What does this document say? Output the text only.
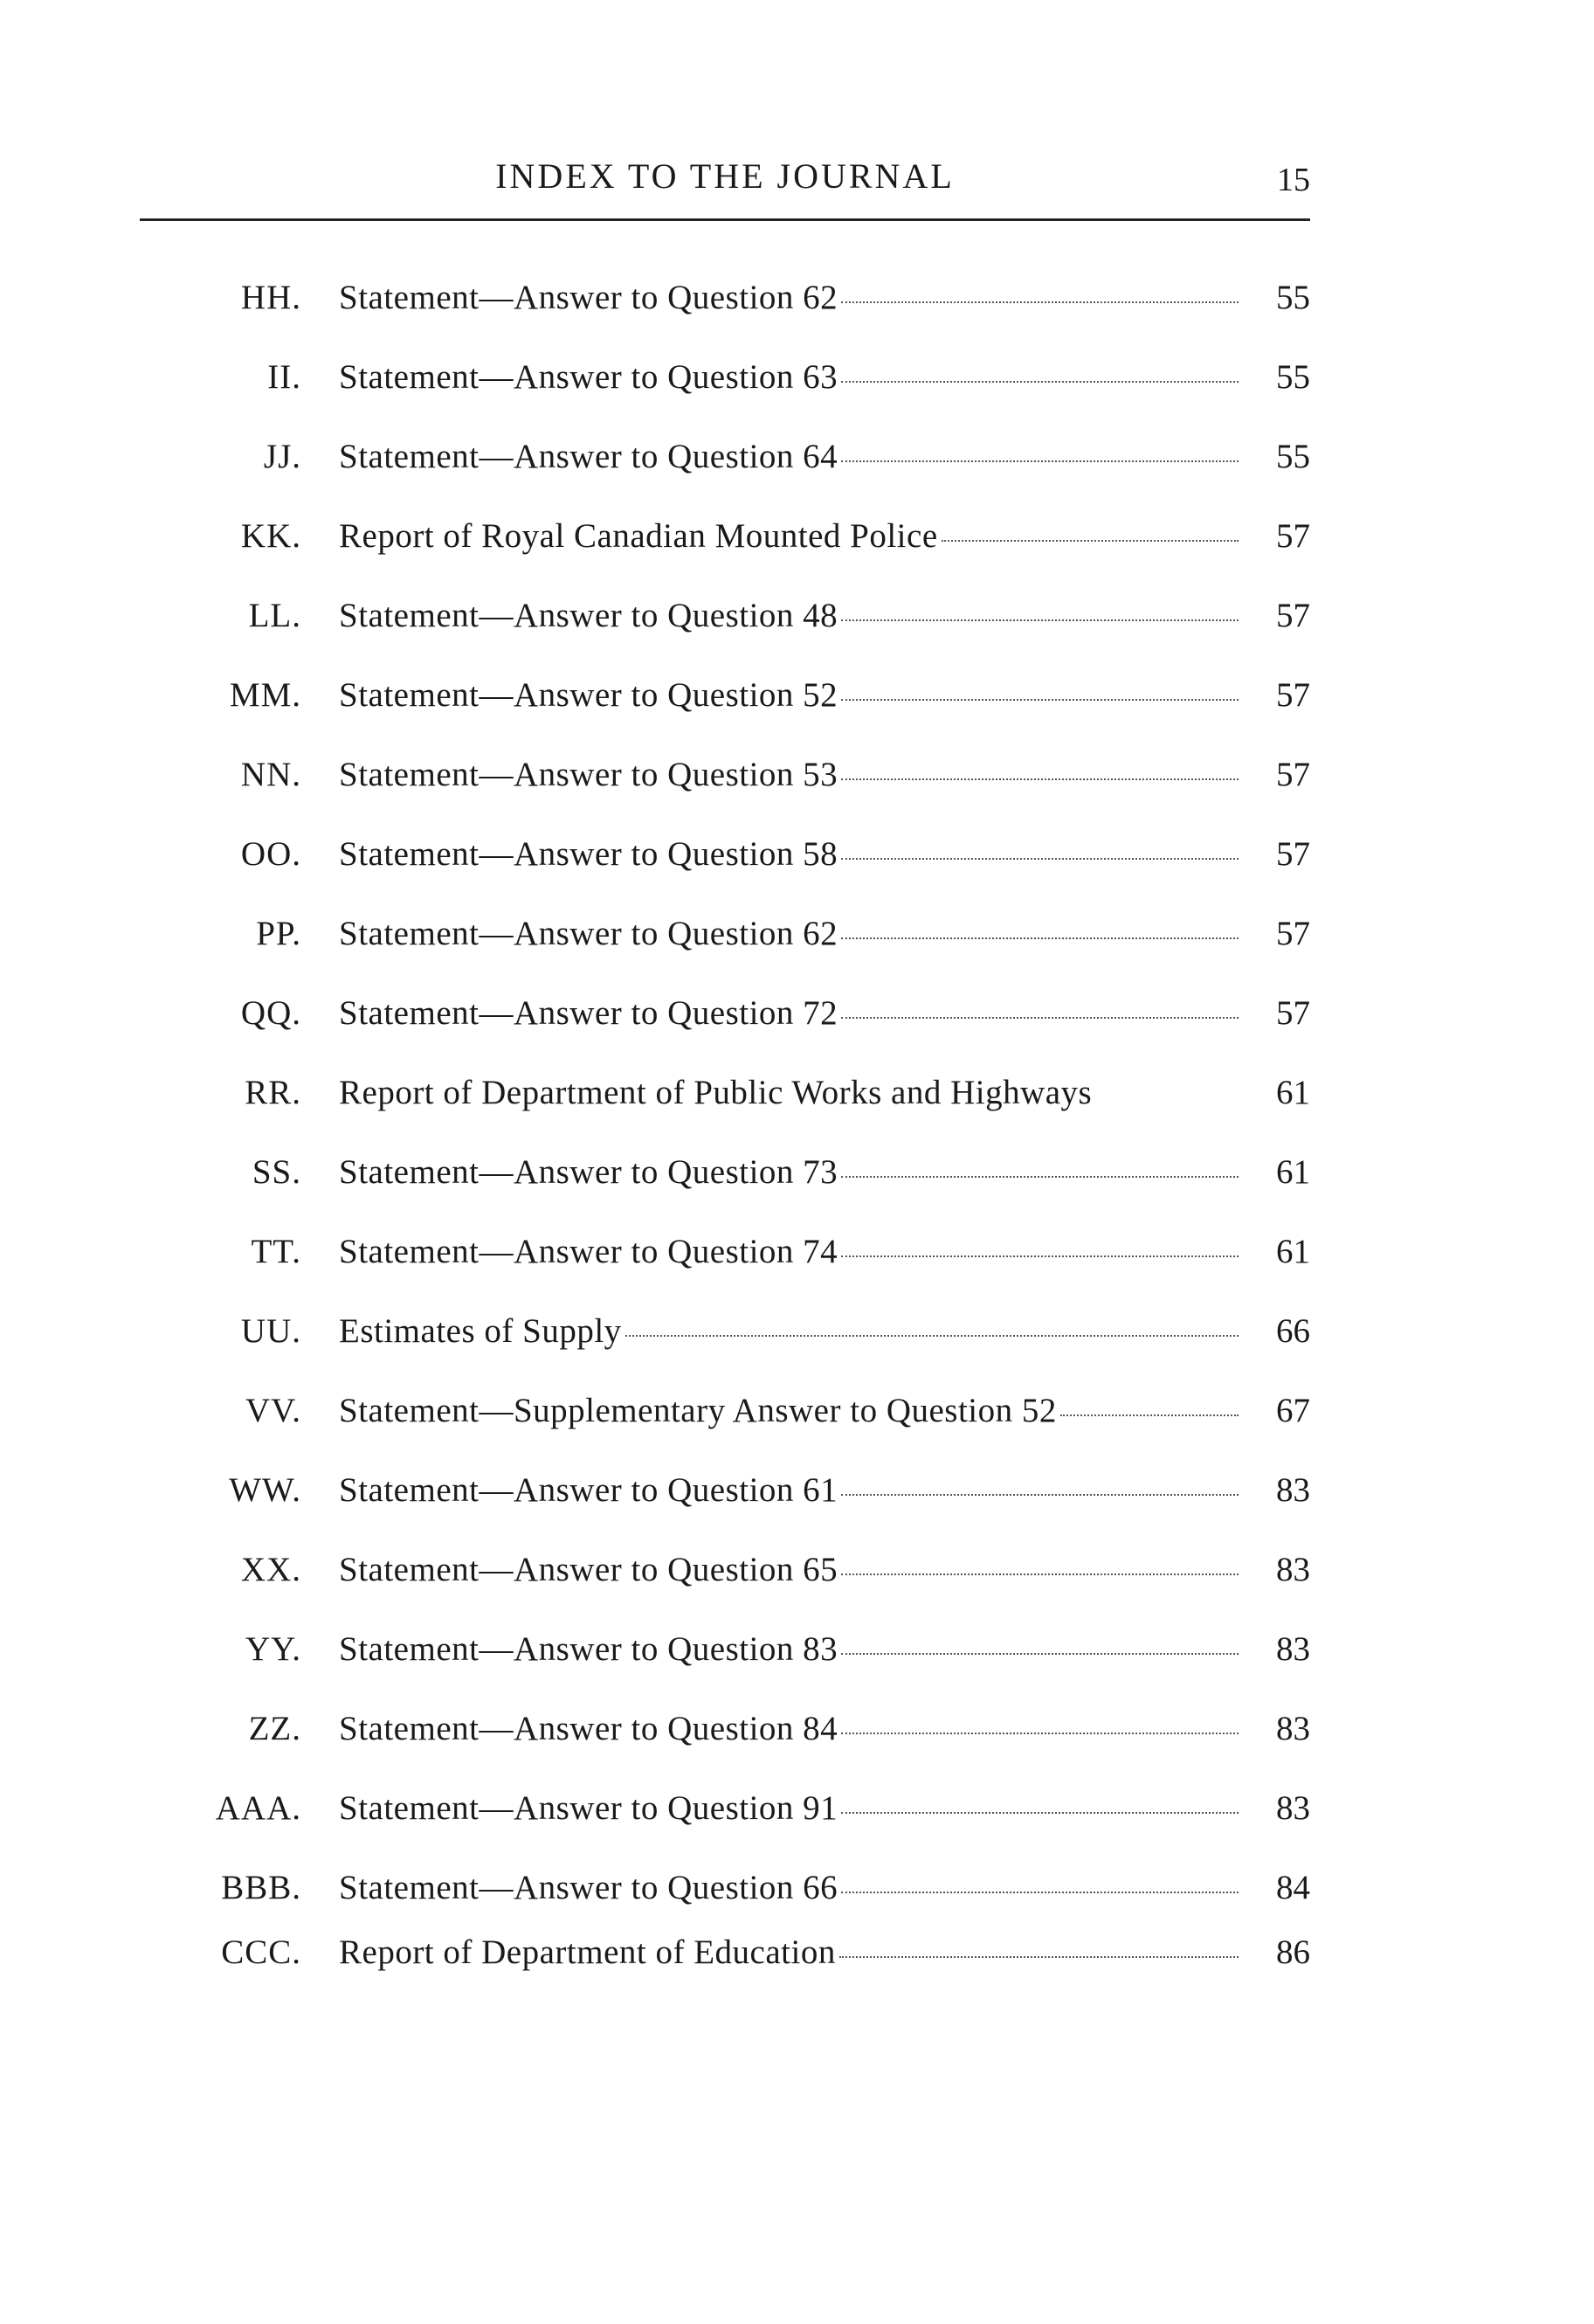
INDEX TO THE JOURNAL	15
HH. Statement—Answer to Question 62	55
II. Statement—Answer to Question 63	55
JJ. Statement—Answer to Question 64	55
KK. Report of Royal Canadian Mounted Police	57
LL. Statement—Answer to Question 48	57
MM. Statement—Answer to Question 52	57
NN. Statement—Answer to Question 53	57
OO. Statement—Answer to Question 58	57
PP. Statement—Answer to Question 62	57
QQ. Statement—Answer to Question 72	57
RR. Report of Department of Public Works and Highways	61
SS. Statement—Answer to Question 73	61
TT. Statement—Answer to Question 74	61
UU. Estimates of Supply	66
VV. Statement—Supplementary Answer to Question 52	67
WW. Statement—Answer to Question 61	83
XX. Statement—Answer to Question 65	83
YY. Statement—Answer to Question 83	83
ZZ. Statement—Answer to Question 84	83
AAA. Statement—Answer to Question 91	83
BBB. Statement—Answer to Question 66	84
CCC. Report of Department of Education	86
